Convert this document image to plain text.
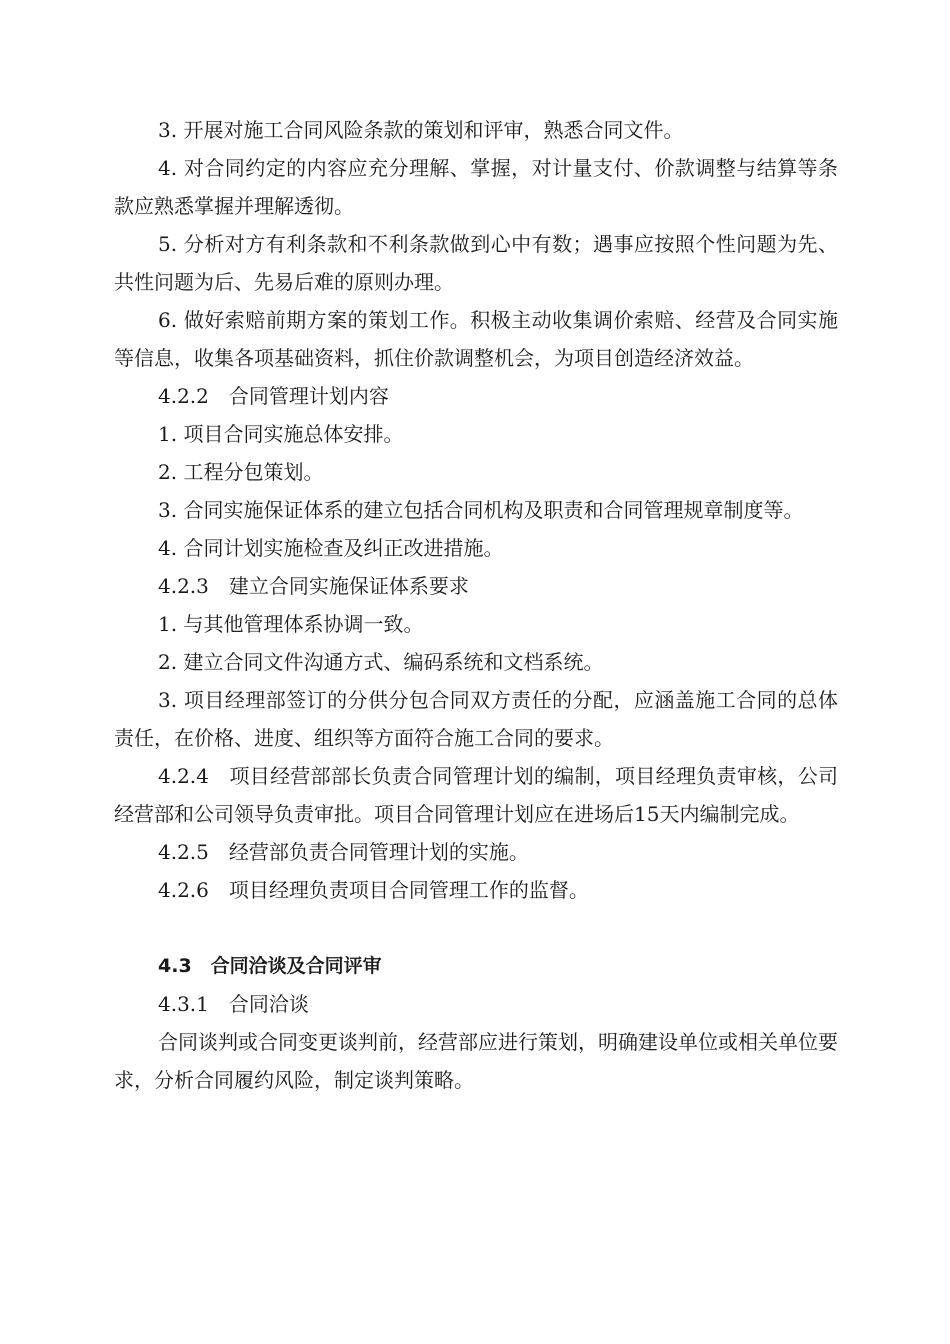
3. 开展对施工合同风险条款的策划和评审，熟悉合同文件。

4. 对合同约定的内容应充分理解、掌握，对计量支付、价款调整与结算等条款应熟悉掌握并理解透彻。

5. 分析对方有利条款和不利条款做到心中有数；遇事应按照个性问题为先、共性问题为后、先易后难的原则办理。

6. 做好索赔前期方案的策划工作。积极主动收集调价索赔、经营及合同实施等信息，收集各项基础资料，抓住价款调整机会，为项目创造经济效益。

4.2.2　合同管理计划内容

1. 项目合同实施总体安排。

2. 工程分包策划。

3. 合同实施保证体系的建立包括合同机构及职责和合同管理规章制度等。

4. 合同计划实施检查及纠正改进措施。

4.2.3　建立合同实施保证体系要求

1. 与其他管理体系协调一致。

2. 建立合同文件沟通方式、编码系统和文档系统。

3. 项目经理部签订的分供分包合同双方责任的分配，应涵盖施工合同的总体责任，在价格、进度、组织等方面符合施工合同的要求。

4.2.4　项目经营部部长负责合同管理计划的编制，项目经理负责审核，公司经营部和公司领导负责审批。项目合同管理计划应在进场后15天内编制完成。

4.2.5　经营部负责合同管理计划的实施。

4.2.6　项目经理负责项目合同管理工作的监督。

4.3　合同洽谈及合同评审

4.3.1　合同洽谈

合同谈判或合同变更谈判前，经营部应进行策划，明确建设单位或相关单位要求，分析合同履约风险，制定谈判策略。
